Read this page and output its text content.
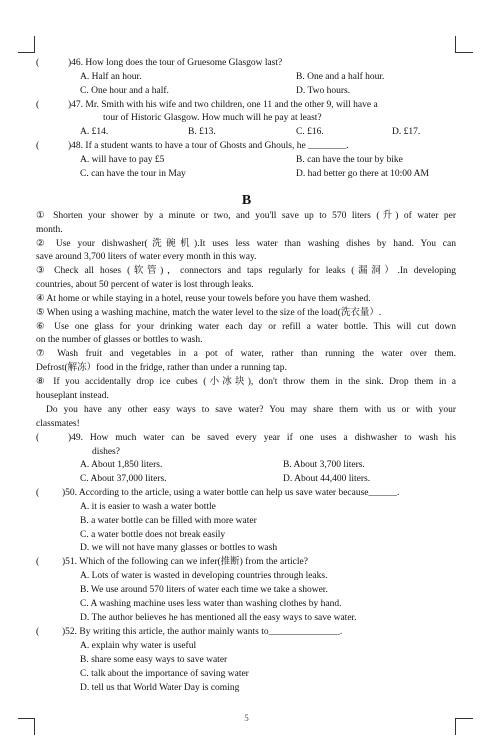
(	)46. How long does the tour of Gruesome Glasgow last?
A. Half an hour.	B. One and a half hour.
C. One hour and a half.	D. Two hours.
(	)47. Mr. Smith with his wife and two children, one 11 and the other 9, will have a
tour of Historic Glasgow. How much will he pay at least?
A. £14.	B. £13.	C. £16.	D. £17.
(	)48. If a student wants to have a tour of Ghosts and Ghouls, he ________.
A. will have to pay £5	B. can have the tour by bike
C. can have the tour in May	D. had better go there at 10:00 AM
B
① Shorten your shower by a minute or two, and you'll save up to 570 liters (升) of water per
month.
② Use your dishwasher(洗碗机).It uses less water than washing dishes by hand. You can
save around 3,700 liters of water every month in this way.
③ Check all hoses (软管)，connectors and taps regularly for leaks (漏洞）.In developing
countries, about 50 percent of water is lost through leaks.
④ At home or while staying in a hotel, reuse your towels before you have them washed.
⑤ When using a washing machine, match the water level to the size of the load(洗衣量）.
⑥ Use one glass for your drinking water each day or refill a water bottle. This will cut down
on the number of glasses or bottles to wash.
⑦ Wash fruit and vegetables in a pot of water, rather than running the water over them.
Defrost(解冻）food in the fridge, rather than under a running tap.
⑧ If you accidentally drop ice cubes (小冰块), don't throw them in the sink. Drop them in a
houseplant instead.
Do you have any other easy ways to save water? You may share them with us or with your
classmates!
(	)49. How much water can be saved every year if one uses a dishwasher to wash his
dishes?
A. About 1,850 liters.	B. About 3,700 liters.
C. About 37,000 liters.	D. About 44,400 liters.
( )50. According to the article, using a water bottle can help us save water because______.
A. it is easier to wash a water bottle
B. a water bottle can be filled with more water
C. a water bottle does not break easily
D. we will not have many glasses or bottles to wash
( )51. Which of the following can we infer(推断) from the article?
A. Lots of water is wasted in developing countries through leaks.
B. We use around 570 liters of water each time we take a shower.
C. A washing machine uses less water than washing clothes by hand.
D. The author believes he has mentioned all the easy ways to save water.
( )52. By writing this article, the author mainly wants to_______________.
A. explain why water is useful
B. share some easy ways to save water
C. talk about the importance of saving water
D. tell us that World Water Day is coming
5
